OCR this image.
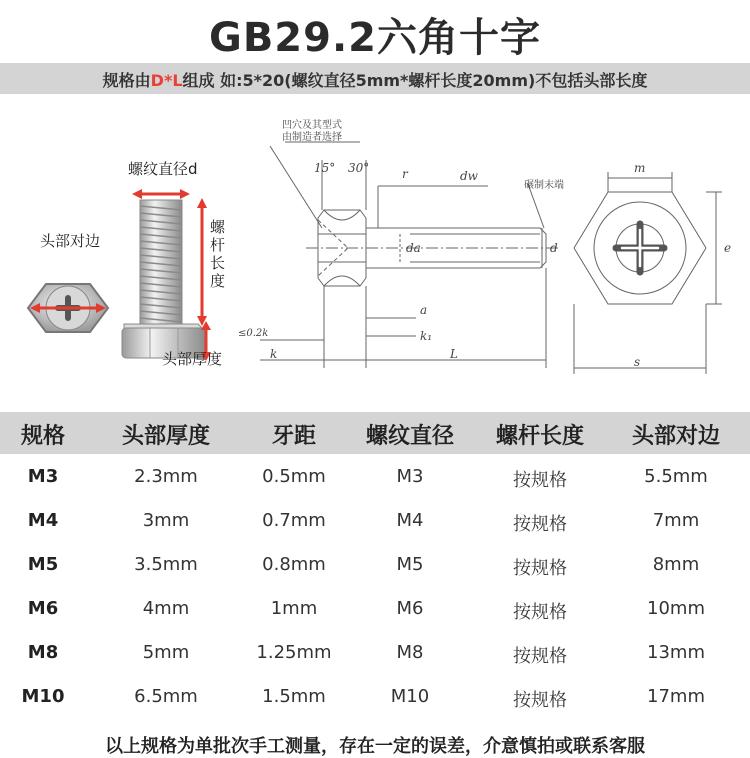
GB29.2六角十字
规格由D*L组成 如:5*20(螺纹直径5mm*螺杆长度20mm)不包括头部长度
螺纹直径d
头部对边
螺
杆
长
度
头部厚度
凹穴及其型式
由制造者选择
15° 30°	r	dw
da	d
a
k₁
≤0.2k
k	L
m
碾制末端
e
s
规格	头部厚度	牙距	螺纹直径	螺杆长度	头部对边
M3	2.3mm	0.5mm	M3	按规格	5.5mm
M4	3mm	0.7mm	M4	按规格	7mm
M5	3.5mm	0.8mm	M5	按规格	8mm
M6	4mm	1mm	M6	按规格	10mm
M8	5mm	1.25mm	M8	按规格	13mm
M10	6.5mm	1.5mm	M10	按规格	17mm
以上规格为单批次手工测量，存在一定的误差，介意慎拍或联系客服
